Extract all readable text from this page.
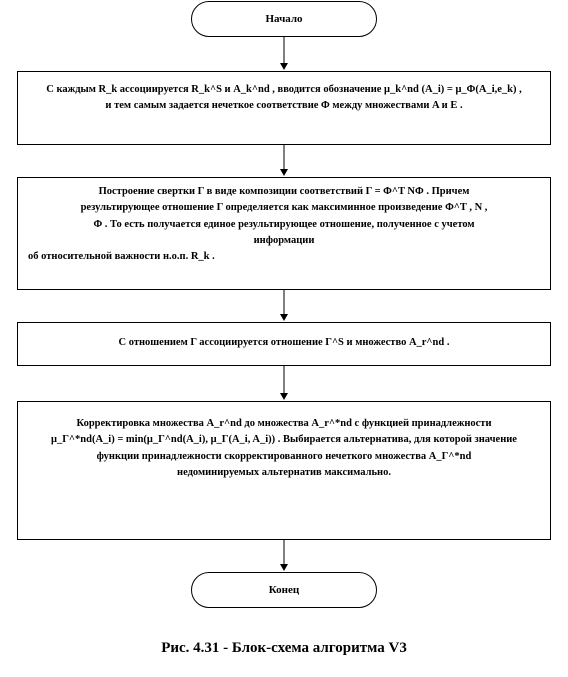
Начало
С каждым R_k ассоциируется R_k^S и A_k^nd , вводится обозначение μ_k^nd (A_i) = μ_Φ(A_i,e_k) ,
и тем самым задается нечеткое соответствие Φ между множествами A и E .
Построение свертки Γ в виде композиции соответствий Γ = Φ^T NΦ . Причем
результирующее отношение Γ определяется как максиминное произведение Φ^T , N ,
Φ . То есть получается единое результирующее отношение, полученное с учетом
информации
об относительной важности н.о.п. R_k .
С отношением Γ ассоциируется отношение Γ^S и множество A_r^nd .
Корректировка множества A_r^nd до множества A_r^*nd с функцией принадлежности
μ_Γ^*nd(A_i) = min(μ_Γ^nd(A_i), μ_Γ(A_i, A_i)) . Выбирается альтернатива, для которой значение
функции принадлежности скорректированного нечеткого множества A_Γ^*nd
недоминируемых альтернатив максимально.
Конец
Рис. 4.31 - Блок-схема алгоритма V3
